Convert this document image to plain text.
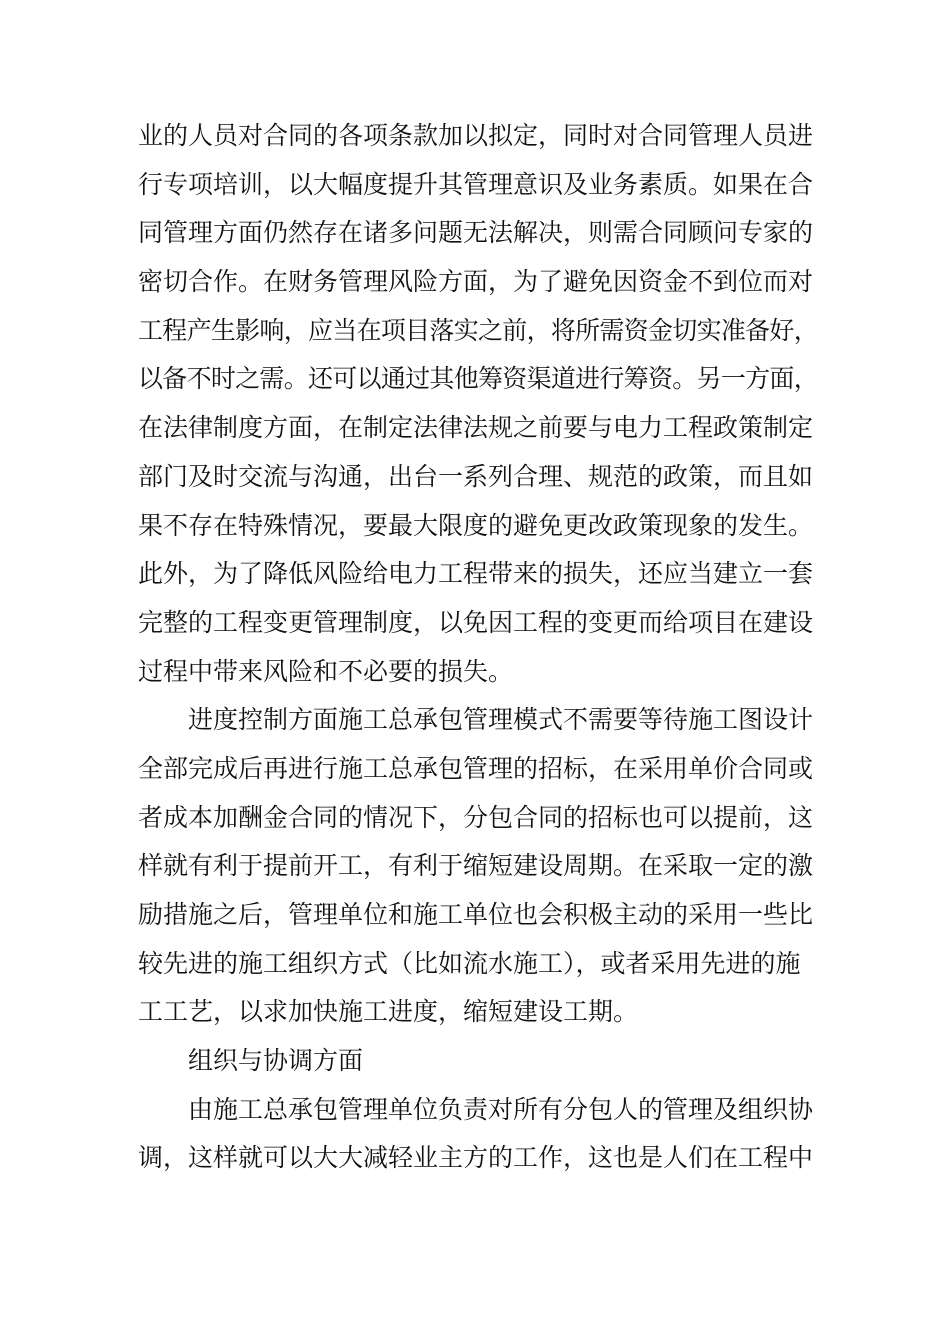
业的人员对合同的各项条款加以拟定，同时对合同管理人员进
行专项培训，以大幅度提升其管理意识及业务素质。如果在合
同管理方面仍然存在诸多问题无法解决，则需合同顾问专家的
密切合作。在财务管理风险方面，为了避免因资金不到位而对
工程产生影响，应当在项目落实之前，将所需资金切实准备好，
以备不时之需。还可以通过其他筹资渠道进行筹资。另一方面，
在法律制度方面，在制定法律法规之前要与电力工程政策制定
部门及时交流与沟通，出台一系列合理、规范的政策，而且如
果不存在特殊情况，要最大限度的避免更改政策现象的发生。
此外，为了降低风险给电力工程带来的损失，还应当建立一套
完整的工程变更管理制度，以免因工程的变更而给项目在建设
过程中带来风险和不必要的损失。
进度控制方面施工总承包管理模式不需要等待施工图设计
全部完成后再进行施工总承包管理的招标，在采用单价合同或
者成本加酬金合同的情况下，分包合同的招标也可以提前，这
样就有利于提前开工，有利于缩短建设周期。在采取一定的激
励措施之后，管理单位和施工单位也会积极主动的采用一些比
较先进的施工组织方式（比如流水施工），或者采用先进的施
工工艺，以求加快施工进度，缩短建设工期。
组织与协调方面
由施工总承包管理单位负责对所有分包人的管理及组织协
调，这样就可以大大减轻业主方的工作，这也是人们在工程中
